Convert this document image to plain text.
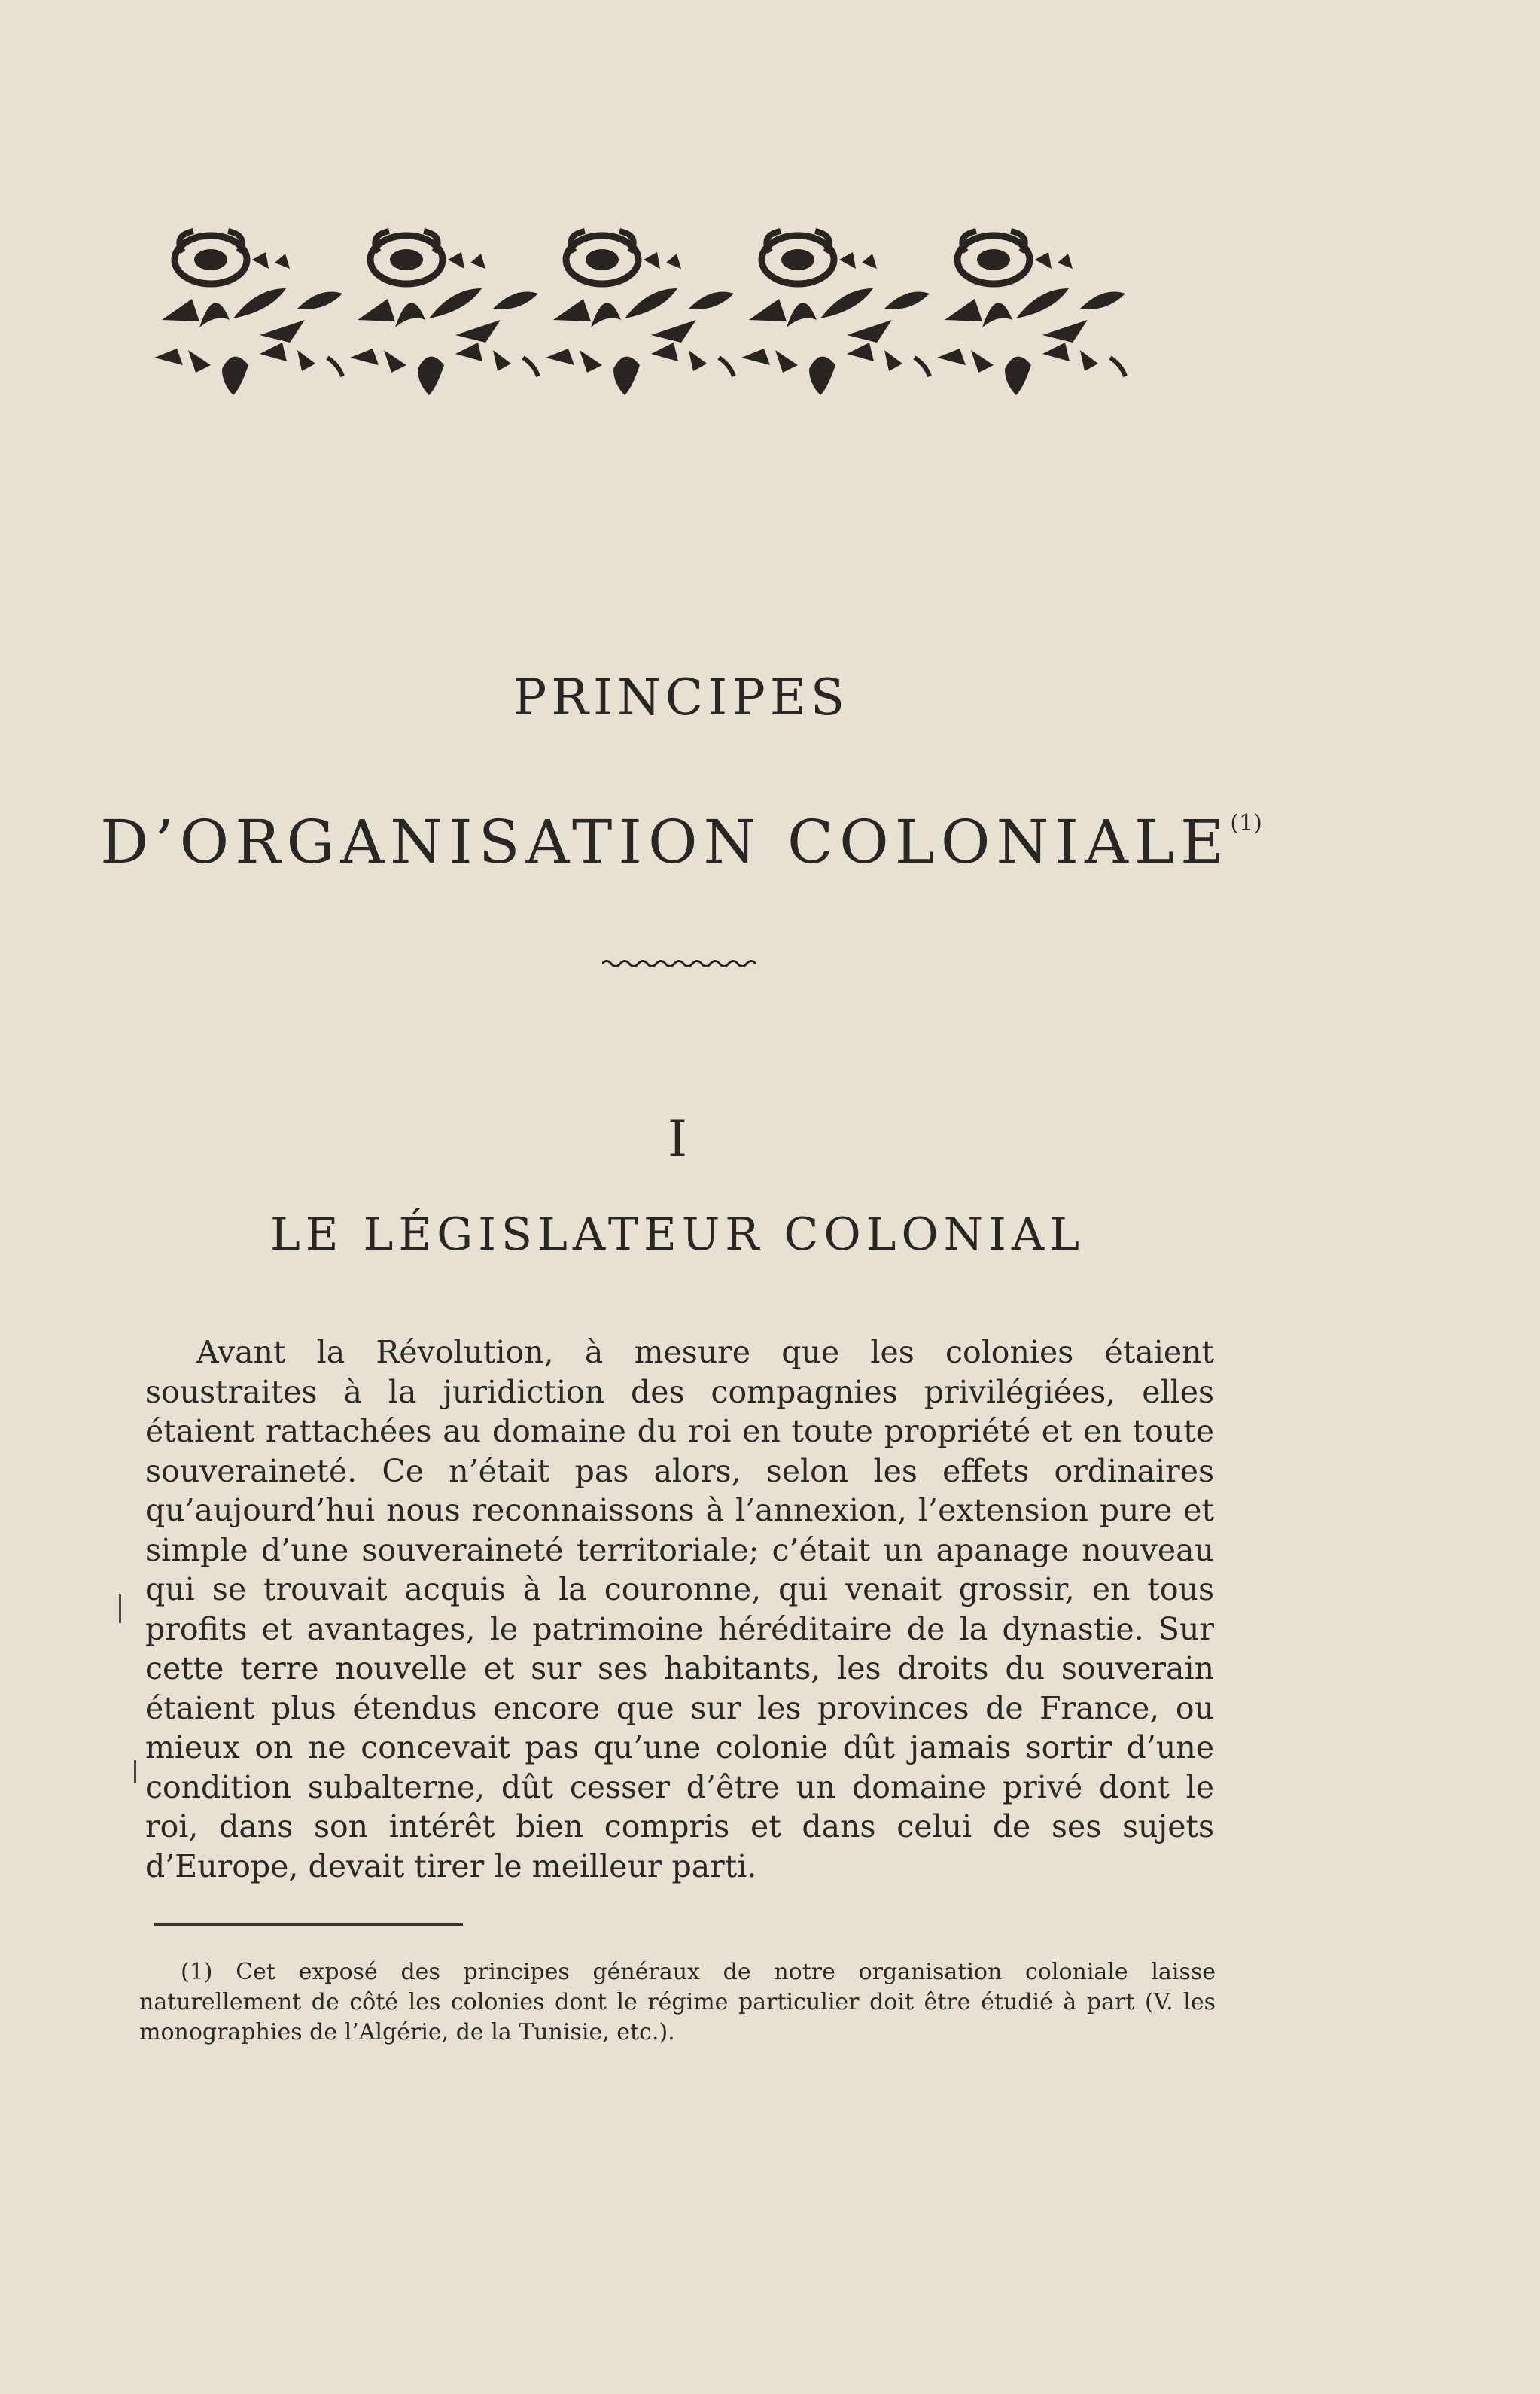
PRINCIPES
D’ORGANISATION COLONIALE$^{(1)}$
I
LE LÉGISLATEUR COLONIAL

Avant la Révolution, à mesure que les colonies étaient soustraites à la juridiction des compagnies privilégiées, elles étaient rattachées au domaine du roi en toute propriété et en toute souveraineté. Ce n’était pas alors, selon les effets ordinaires qu’aujourd’hui nous reconnaissons à l’annexion, l’extension pure et simple d’une souveraineté territoriale; c’était un apanage nouveau qui se trouvait acquis à la couronne, qui venait grossir, en tous profits et avantages, le patrimoine héréditaire de la dynastie. Sur cette terre nouvelle et sur ses habitants, les droits du souverain étaient plus étendus encore que sur les provinces de France, ou mieux on ne concevait pas qu’une colonie dût jamais sortir d’une condition subalterne, dût cesser d’être un domaine privé dont le roi, dans son intérêt bien compris et dans celui de ses sujets d’Europe, devait tirer le meilleur parti.

(1) Cet exposé des principes généraux de notre organisation coloniale laisse naturellement de côté les colonies dont le régime particulier doit être étudié à part (V. les monographies de l’Algérie, de la Tunisie, etc.).
